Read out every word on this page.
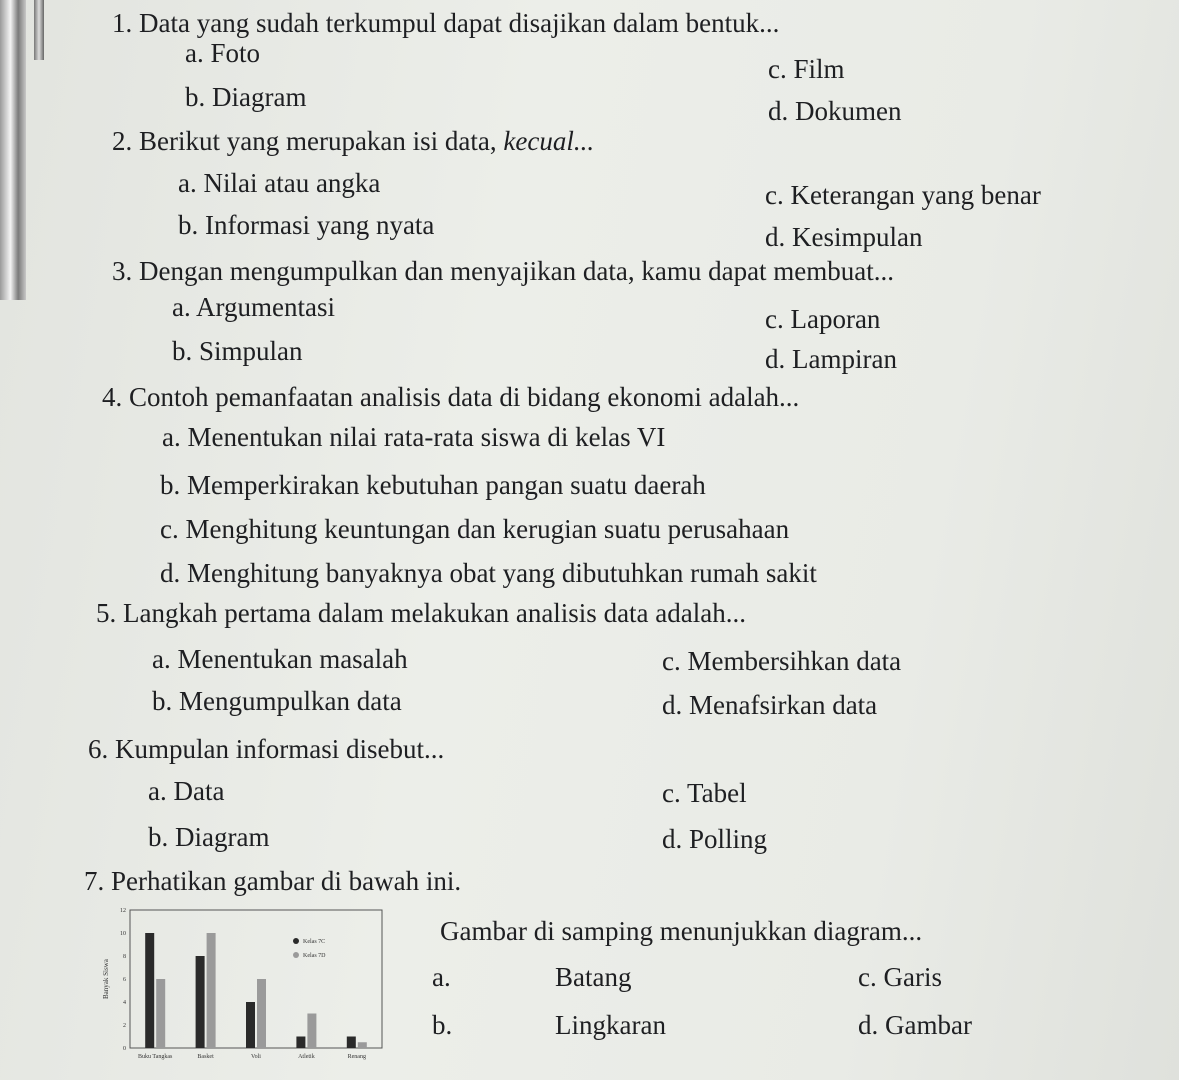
1. Data yang sudah terkumpul dapat disajikan dalam bentuk...
a. Foto
c. Film
b. Diagram	d. Dokumen
2. Berikut yang merupakan isi data, kecual...
a. Nilai atau angka	c. Keterangan yang benar
b. Informasi yang nyata	d. Kesimpulan
3. Dengan mengumpulkan dan menyajikan data, kamu dapat membuat...
a. Argumentasi	c. Laporan
b. Simpulan	d. Lampiran
4. Contoh pemanfaatan analisis data di bidang ekonomi adalah...
a. Menentukan nilai rata-rata siswa di kelas VI
b. Memperkirakan kebutuhan pangan suatu daerah
c. Menghitung keuntungan dan kerugian suatu perusahaan
d. Menghitung banyaknya obat yang dibutuhkan rumah sakit
5. Langkah pertama dalam melakukan analisis data adalah...
a. Menentukan masalah	c. Membersihkan data
b. Mengumpulkan data	d. Menafsirkan data
6. Kumpulan informasi disebut...
a. Data	c. Tabel
b. Diagram	d. Polling
7. Perhatikan gambar di bawah ini.
Gambar di samping menunjukkan diagram...
a.	Batang	c. Garis
b.	Lingkaran	d. Gambar
0
2
4
6
8
10
12
Banyak Siswa
Buku Tangkas	Basket	Voli	Atletik	Renang
Kelas 7C
Kelas 7D
